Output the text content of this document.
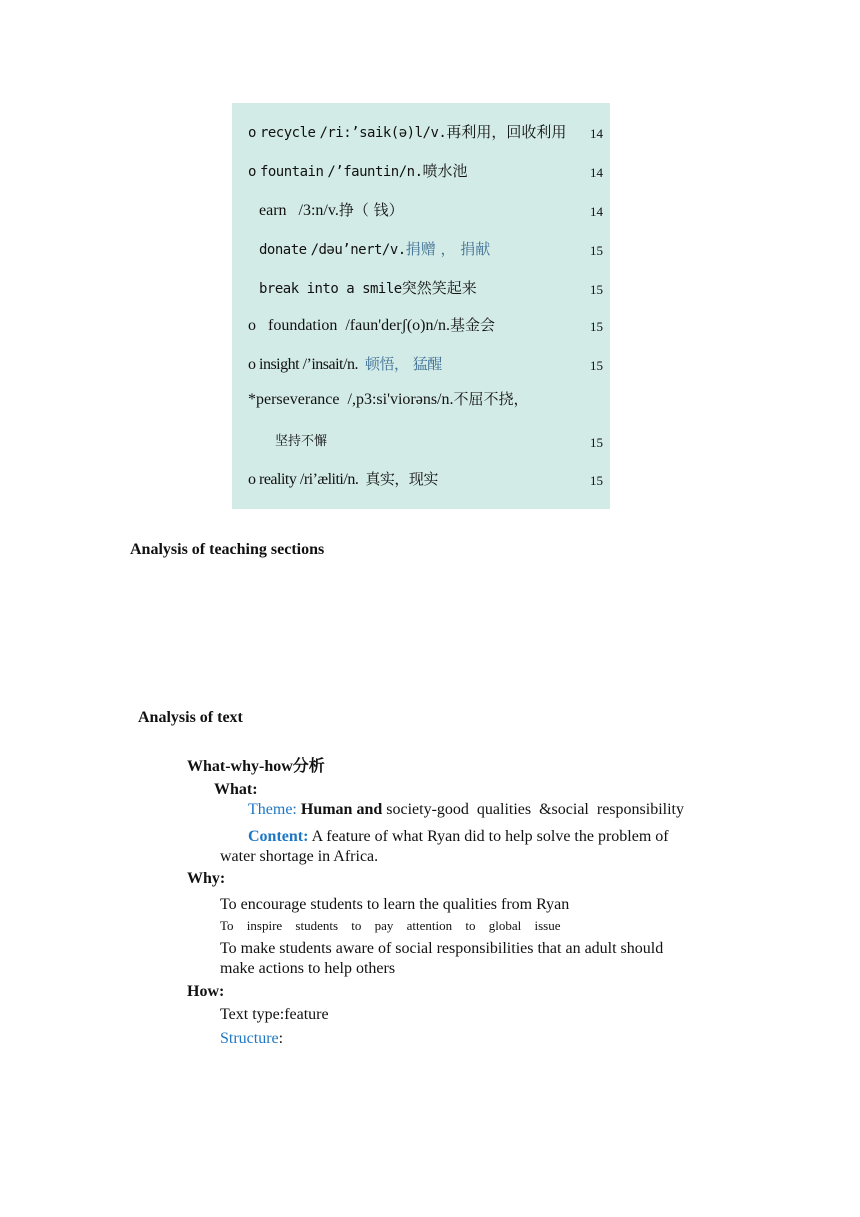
o recycle /ri:’saik(ə)l/v.再利用，回收利用 14
o fountain /’fauntin/n.喷水池	14
earn /3:n/v.挣（ 钱）	14
donate /dəu’nert/v.捐赠 ， 捐献	15
break into a smile突然笑起来	15
o foundation /faun'derʃ(o)n/n.基金会	15
o insight /’insait/n. 顿悟， 猛醒	15
*perseverance /,p3:si'viorəns/n.不屈不挠，
坚持不懈	15
o reality /ri’æliti/n. 真实，现实	15
Analysis of teaching sections
Analysis of text
What-why-how分析
What:
Theme: Human and society-good qualities &social responsibility
Content: A feature of what Ryan did to help solve the problem of
water shortage in Africa.
Why:
To encourage students to learn the qualities from Ryan
To inspire students to pay attention to global issue
To make students aware of social responsibilities that an adult should
make actions to help others
How:
Text type:feature
Structure:
